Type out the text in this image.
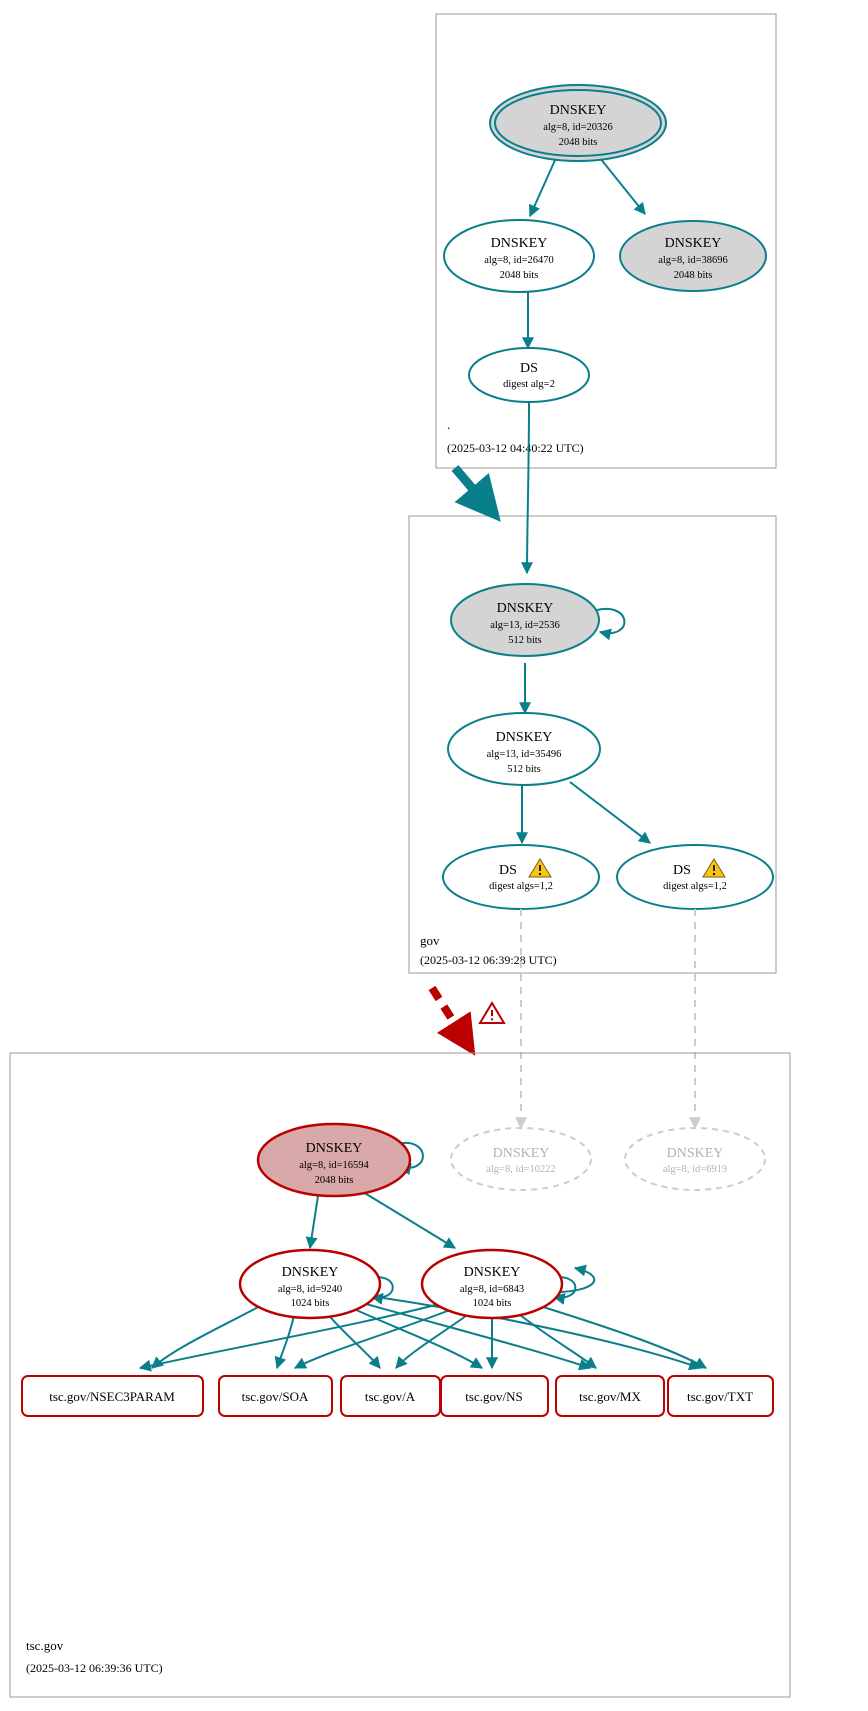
.
(2025-03-12 04:40:22 UTC)
DNSKEY
alg=8, id=20326
2048 bits
DNSKEY
alg=8, id=26470
2048 bits
DNSKEY
alg=8, id=38696
2048 bits
DS
digest alg=2
gov
(2025-03-12 06:39:28 UTC)
DNSKEY
alg=13, id=2536
512 bits
DNSKEY
alg=13, id=35496
512 bits
DS
digest algs=1,2
DS
digest algs=1,2
tsc.gov
(2025-03-12 06:39:36 UTC)
DNSKEY
alg=8, id=16594
2048 bits
DNSKEY
alg=8, id=9240
1024 bits
DNSKEY
alg=8, id=6843
1024 bits
DNSKEY
alg=8, id=10222
DNSKEY
alg=8, id=6919
tsc.gov/NSEC3PARAM	tsc.gov/SOA	tsc.gov/A	tsc.gov/NS	tsc.gov/MX	tsc.gov/TXT
